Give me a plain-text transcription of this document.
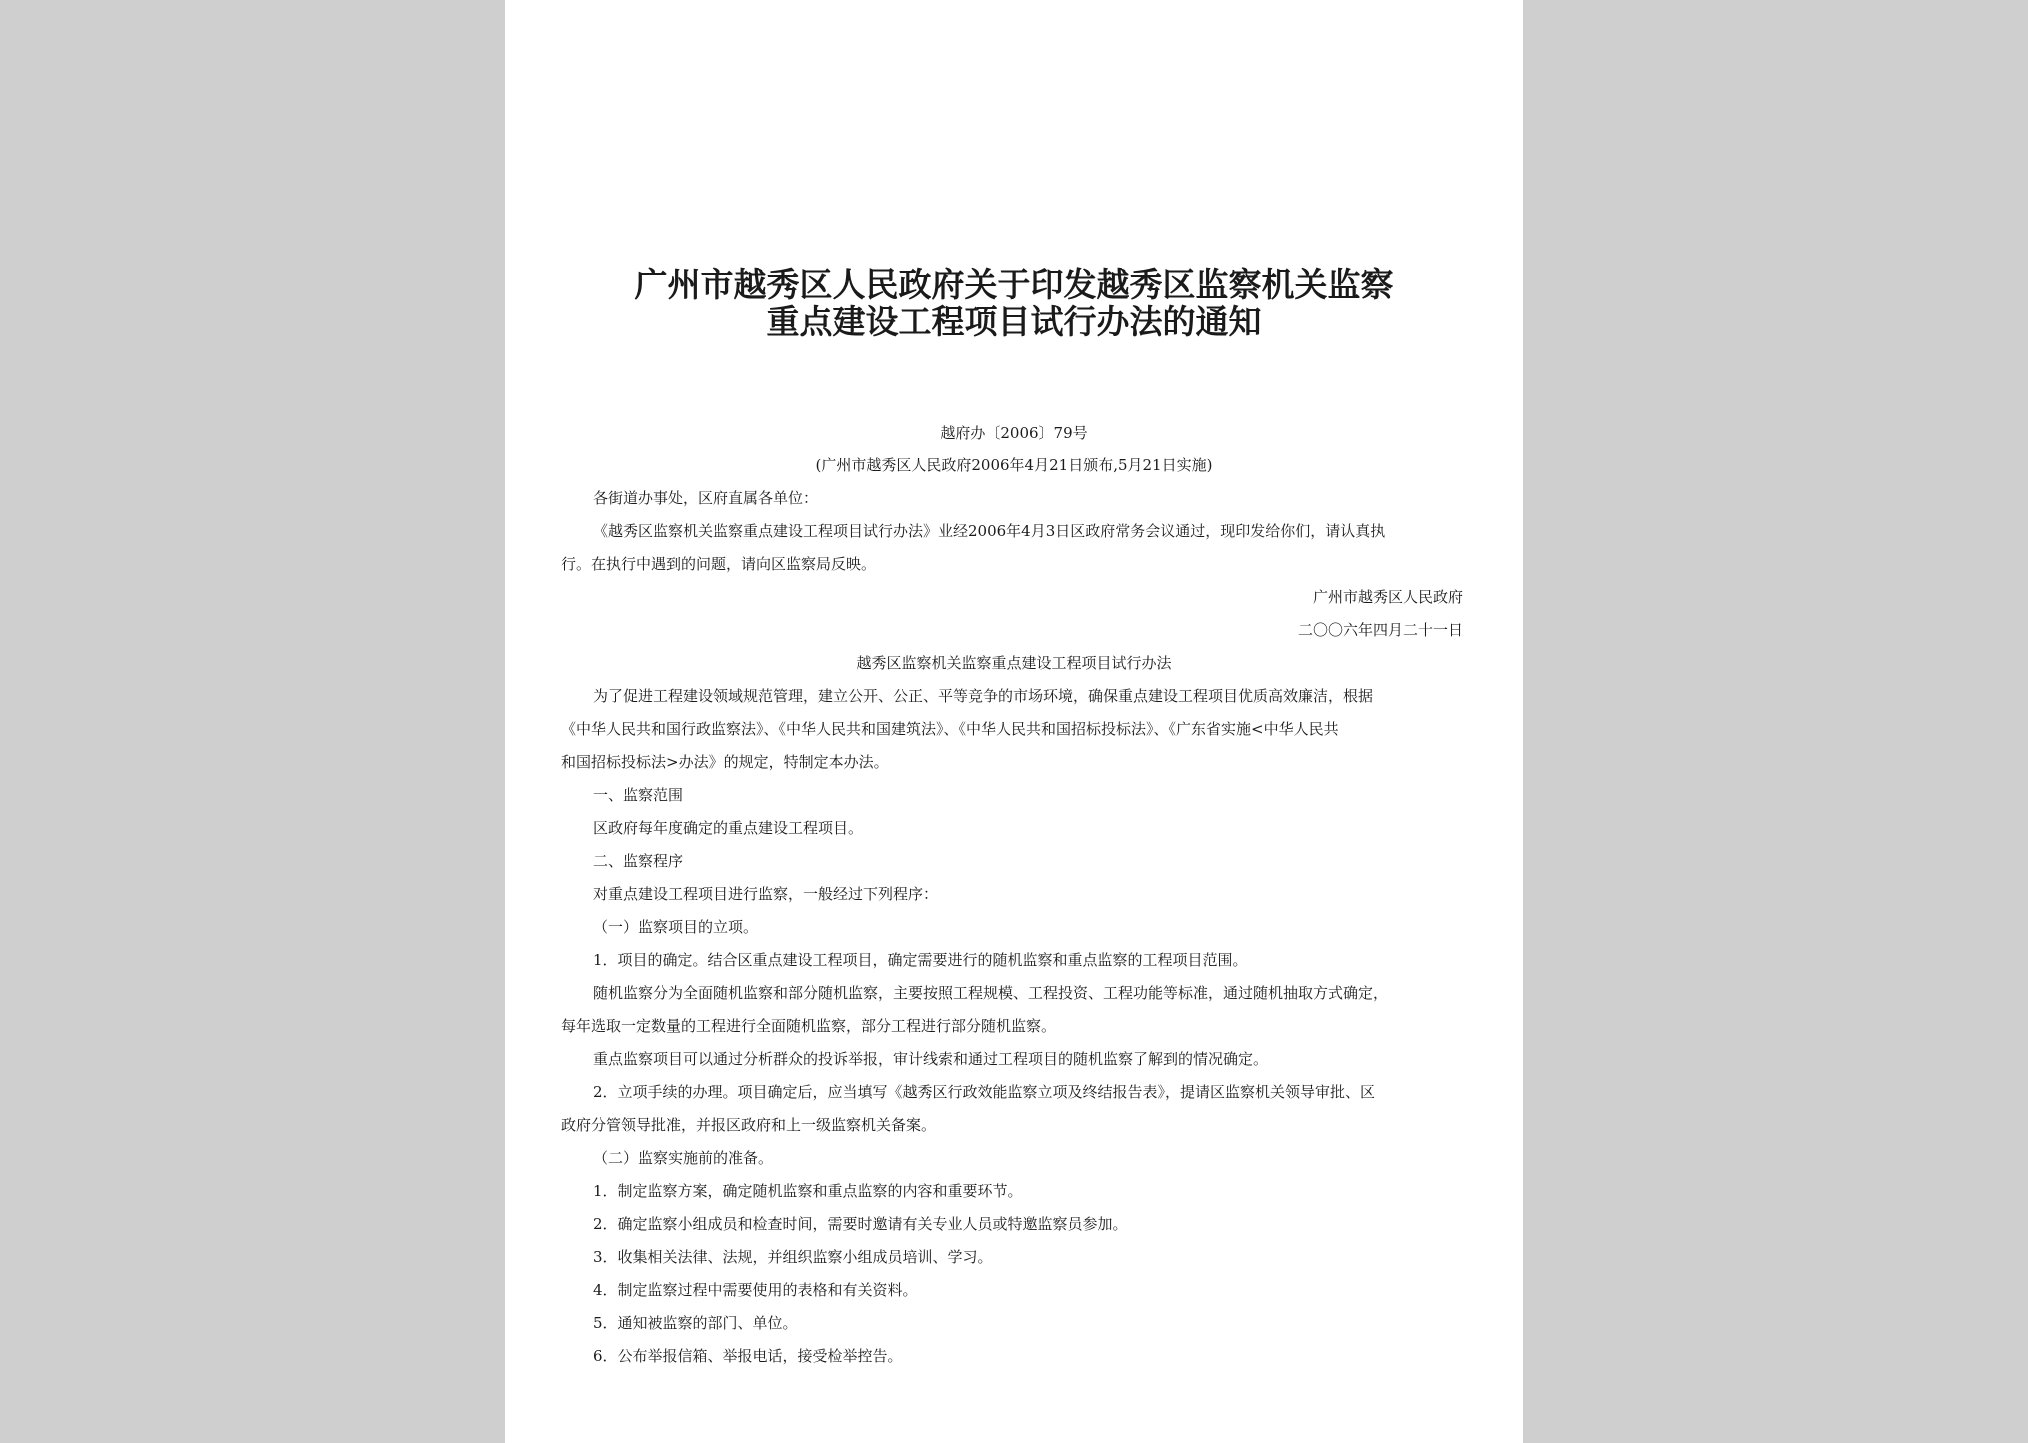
广州市越秀区人民政府关于印发越秀区监察机关监察
重点建设工程项目试行办法的通知
越府办〔2006〕79号
(广州市越秀区人民政府2006年4月21日颁布,5月21日实施)
各街道办事处，区府直属各单位：
《越秀区监察机关监察重点建设工程项目试行办法》业经2006年4月3日区政府常务会议通过，现印发给你们，请认真执
行。在执行中遇到的问题，请向区监察局反映。
广州市越秀区人民政府
二〇〇六年四月二十一日
越秀区监察机关监察重点建设工程项目试行办法
为了促进工程建设领域规范管理，建立公开、公正、平等竞争的市场环境，确保重点建设工程项目优质高效廉洁，根据
《中华人民共和国行政监察法》、《中华人民共和国建筑法》、《中华人民共和国招标投标法》、《广东省实施<中华人民共
和国招标投标法>办法》的规定，特制定本办法。
一、监察范围
区政府每年度确定的重点建设工程项目。
二、监察程序
对重点建设工程项目进行监察，一般经过下列程序：
（一）监察项目的立项。
1．项目的确定。结合区重点建设工程项目，确定需要进行的随机监察和重点监察的工程项目范围。
随机监察分为全面随机监察和部分随机监察，主要按照工程规模、工程投资、工程功能等标准，通过随机抽取方式确定，
每年选取一定数量的工程进行全面随机监察，部分工程进行部分随机监察。
重点监察项目可以通过分析群众的投诉举报，审计线索和通过工程项目的随机监察了解到的情况确定。
2．立项手续的办理。项目确定后，应当填写《越秀区行政效能监察立项及终结报告表》，提请区监察机关领导审批、区
政府分管领导批准，并报区政府和上一级监察机关备案。
（二）监察实施前的准备。
1．制定监察方案，确定随机监察和重点监察的内容和重要环节。
2．确定监察小组成员和检查时间，需要时邀请有关专业人员或特邀监察员参加。
3．收集相关法律、法规，并组织监察小组成员培训、学习。
4．制定监察过程中需要使用的表格和有关资料。
5．通知被监察的部门、单位。
6．公布举报信箱、举报电话，接受检举控告。
